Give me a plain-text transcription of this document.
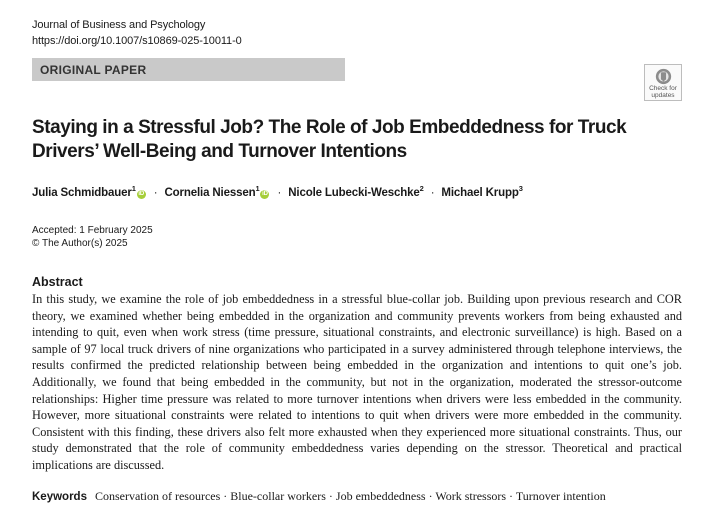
Journal of Business and Psychology
https://doi.org/10.1007/s10869-025-10011-0
ORIGINAL PAPER
Check for
updates
Staying in a Stressful Job? The Role of Job Embeddedness for Truck Drivers’ Well-Being and Turnover Intentions
Julia Schmidbauer$^1$iD · Cornelia Niessen$^1$iD · Nicole Lubecki-Weschke$^2$ · Michael Krupp$^3$
Accepted: 1 February 2025
© The Author(s) 2025
Abstract
In this study, we examine the role of job embeddedness in a stressful blue-collar job. Building upon previous research and COR theory, we examined whether being embedded in the organization and community prevents workers from being exhausted and intending to quit, even when work stress (time pressure, situational constraints, and electronic surveillance) is high. Based on a sample of 97 local truck drivers of nine organizations who participated in a survey administered through telephone interviews, the results confirmed the predicted relationship between being embedded in the organization and intentions to quit one’s job. Additionally, we found that being embedded in the community, but not in the organization, moderated the stressor-outcome relationships: Higher time pressure was related to more turnover intentions when drivers were less embedded in the community. However, more situational constraints were related to intentions to quit when drivers were more embedded in the community. Consistent with this finding, these drivers also felt more exhausted when they experienced more situational constraints. Thus, our study demonstrated that the role of community embeddedness varies depending on the stressor. Theoretical and practical implications are discussed.
Keywords Conservation of resources · Blue-collar workers · Job embeddedness · Work stressors · Turnover intention
